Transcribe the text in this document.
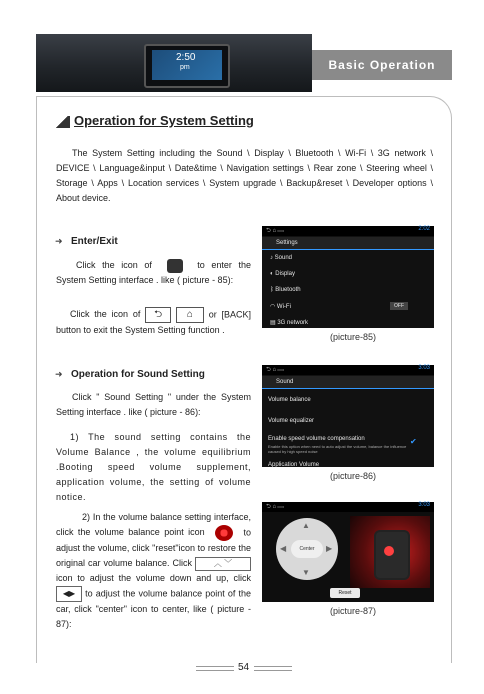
2:50
pm	Basic Operation
Operation for System Setting
The System Setting including the Sound \ Display \ Bluetooth \ Wi-Fi \ 3G network \ DEVICE \ Language&input \ Date&time \ Navigation settings \ Rear zone \ Steering wheel \ Storage \ Apps \ Location services \ System upgrade \ Backup&reset \ Developer options \ About device.
➜ Enter/Exit
Click the icon of	to enter the System Setting interface . like ( picture - 85):
Click the icon of ⮌ ⌂ or [BACK] button to exit the System Setting function .
⮌ ⌂ ▭	2:02
Settings
♪ Sound
◐ Display
ᛒ Bluetooth
◠ Wi-Fi	OFF
▤ 3G network
(picture-85)
➜ Operation for Sound Setting
Click " Sound Setting " under the System Setting interface . like ( picture - 86):
1) The sound setting contains the Volume Balance , the volume equilibrium .Booting speed volume supplement, application volume, the setting of volume notice.
2) In the volume balance setting interface, click the volume balance point icon	to adjust the volume, click "reset"icon to restore the original car volume balance. Click	︿ ﹀ icon to adjust the volume down and up, click ◀▶ to adjust the volume balance point of the car, click "center" icon to center, like ( picture - 87):
⮌ ⌂ ▭	3:03
Sound
Volume balance
Volume equalizer
Enable speed volume compensation
Enable this option when need to auto adjust the volume, balance the influence caused by high speed noise
✔
Application Volume
(picture-86)
⮌ ⌂ ▭	3:03
▲
▼
◀	▶
Center
Reset
(picture-87)
54
